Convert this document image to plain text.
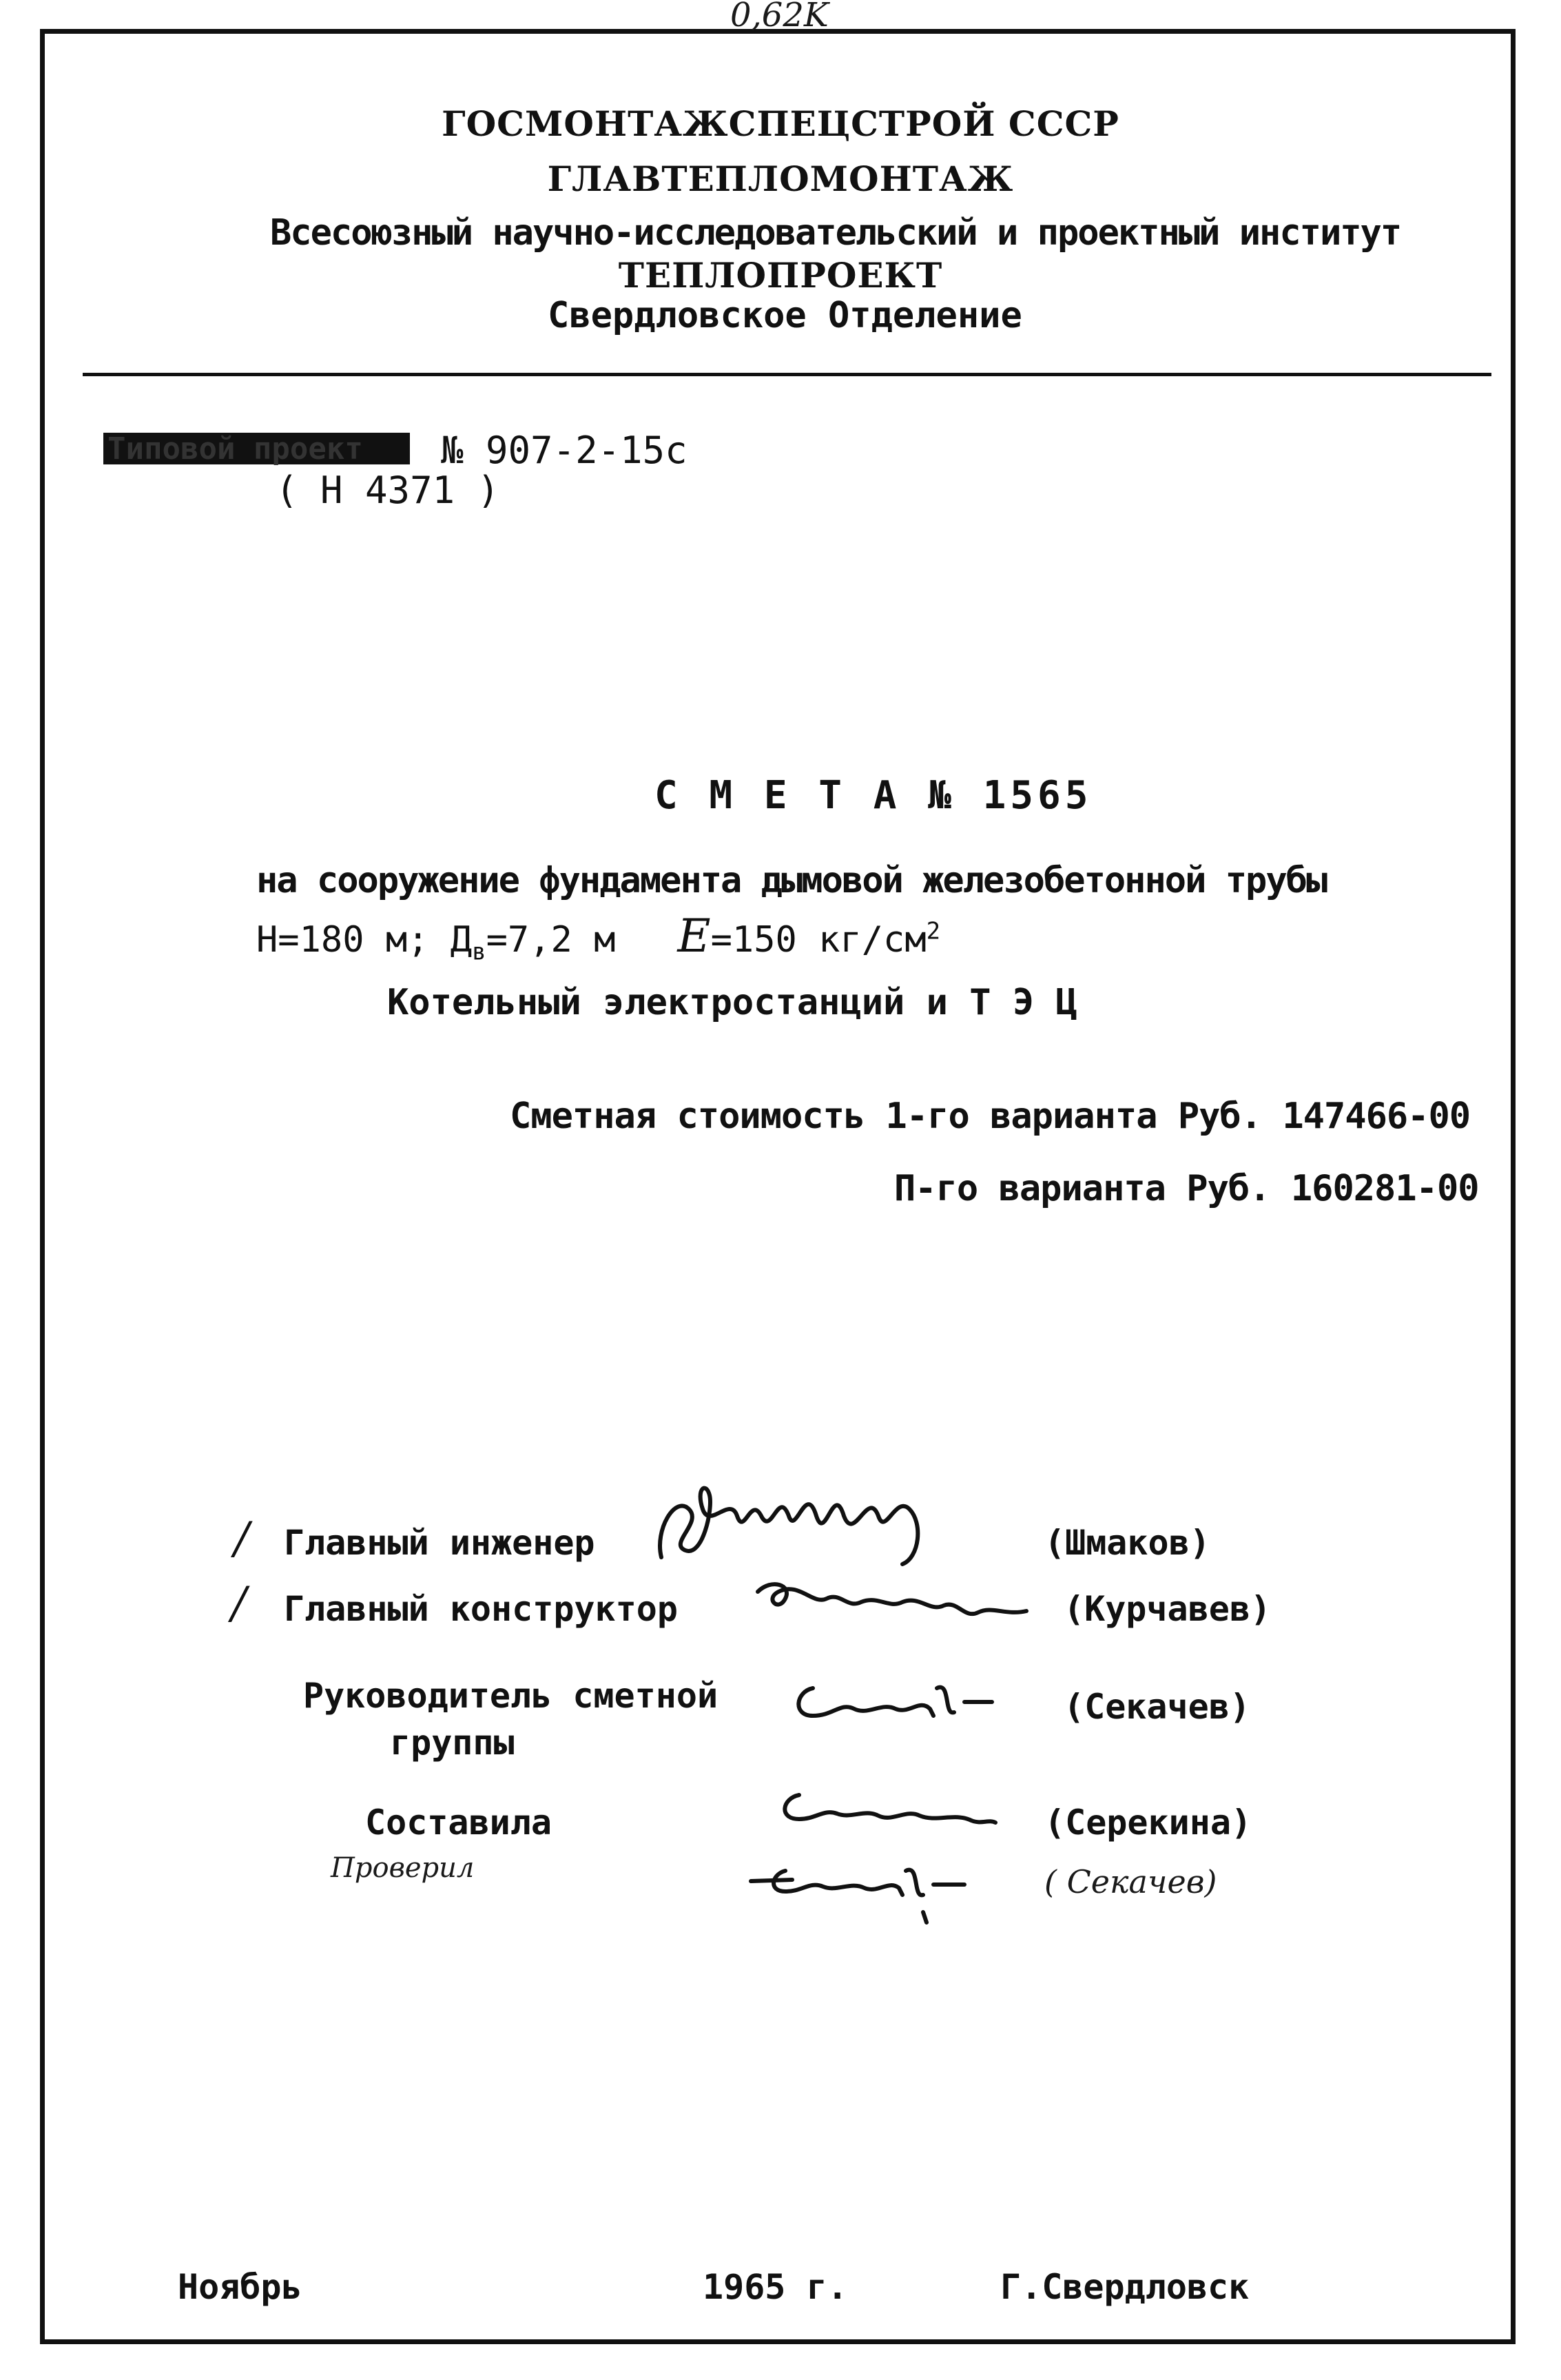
0,62K
ГОСМОНТАЖСПЕЦСТРОЙ СССР
ГЛАВТЕПЛОМОНТАЖ
Всесоюзный научно-исследовательский и проектный институт
ТЕПЛОПРОЕКТ
Свердловское Отделение
Типовой проект № 907-2-15с
( Н 4371 )
С М Е Т А № 1565
на сооружение фундамента дымовой железобетонной трубы
Н=180 м; $Д_в=7,2$ м E=150 $кг/см^2$
Котельный электростанций и Т Э Ц
Сметная стоимость 1-го варианта Руб. 147466-00
П-го варианта Руб. 160281-00
/ Главный инженер	(Шмаков)
/ Главный конструктор	(Курчавев)
Руководитель сметной
группы
(Секачев)
Составила	(Серекина)
Проверил	( Секачев)
Ноябрь	1965 г.	Г.Свердловск
